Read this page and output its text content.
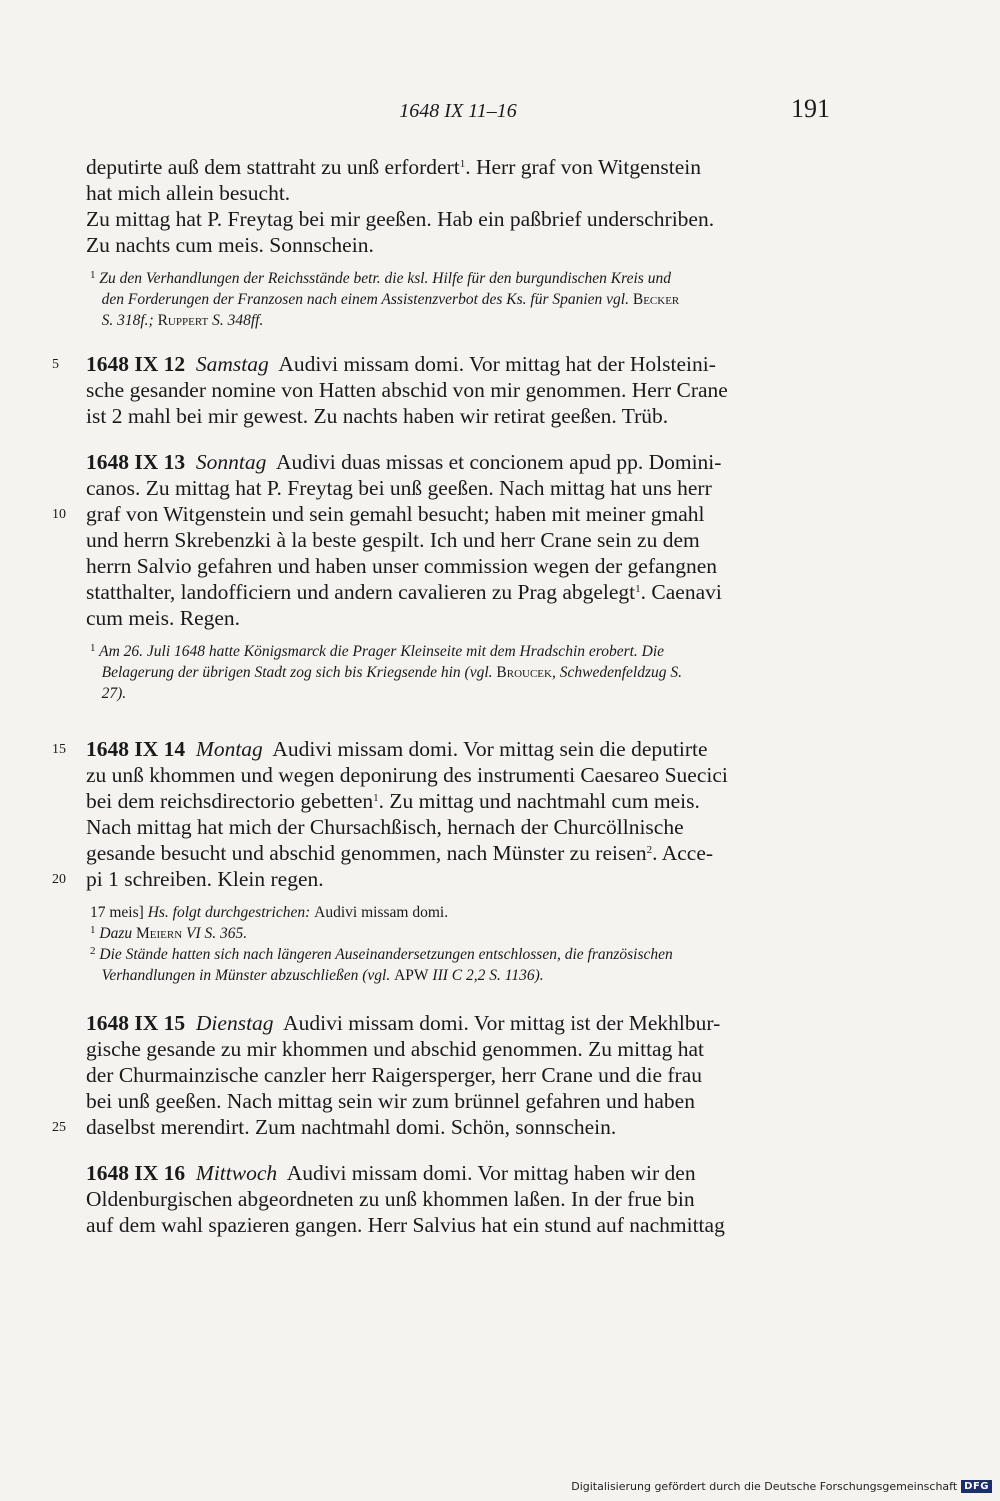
1648 IX 11–16	191
deputirte auß dem stattraht zu unß erfordert$^1$. Herr graf von Witgenstein
hat mich allein besucht.
Zu mittag hat P. Freytag bei mir geeßen. Hab ein paßbrief underschriben.
Zu nachts cum meis. Sonnschein.
$^1$ Zu den Verhandlungen der Reichsstände betr. die ksl. Hilfe für den burgundischen Kreis und
den Forderungen der Franzosen nach einem Assistenzverbot des Ks. für Spanien vgl. Becker
S. 318f.; Ruppert S. 348ff.
5 1648 IX 12 Samstag Audivi missam domi. Vor mittag hat der Holsteini-
sche gesander nomine von Hatten abschid von mir genommen. Herr Crane
ist 2 mahl bei mir gewest. Zu nachts haben wir retirat geeßen. Trüb.
1648 IX 13 Sonntag Audivi duas missas et concionem apud pp. Domini-
canos. Zu mittag hat P. Freytag bei unß geeßen. Nach mittag hat uns herr
10 graf von Witgenstein und sein gemahl besucht; haben mit meiner gmahl
und herrn Skrebenzki à la beste gespilt. Ich und herr Crane sein zu dem
herrn Salvio gefahren und haben unser commission wegen der gefangnen
statthalter, landofficiern und andern cavalieren zu Prag abgelegt$^1$. Caenavi
cum meis. Regen.
$^1$ Am 26. Juli 1648 hatte Königsmarck die Prager Kleinseite mit dem Hradschin erobert. Die
Belagerung der übrigen Stadt zog sich bis Kriegsende hin (vgl. Broucek, Schwedenfeldzug S.
27).
15 1648 IX 14 Montag Audivi missam domi. Vor mittag sein die deputirte
zu unß khommen und wegen deponirung des instrumenti Caesareo Suecici
bei dem reichsdirectorio gebetten$^1$. Zu mittag und nachtmahl cum meis.
Nach mittag hat mich der Chursachßisch, hernach der Churcöllnische
gesande besucht und abschid genommen, nach Münster zu reisen$^2$. Acce-
20 pi 1 schreiben. Klein regen.
17 meis] Hs. folgt durchgestrichen: Audivi missam domi.
$^1$ Dazu Meiern VI S. 365.
$^2$ Die Stände hatten sich nach längeren Auseinandersetzungen entschlossen, die französischen
Verhandlungen in Münster abzuschließen (vgl. APW III C 2,2 S. 1136).
1648 IX 15 Dienstag Audivi missam domi. Vor mittag ist der Mekhlbur-
gische gesande zu mir khommen und abschid genommen. Zu mittag hat
der Churmainzische canzler herr Raigersperger, herr Crane und die frau
bei unß geeßen. Nach mittag sein wir zum brünnel gefahren und haben
25 daselbst merendirt. Zum nachtmahl domi. Schön, sonnschein.
1648 IX 16 Mittwoch Audivi missam domi. Vor mittag haben wir den
Oldenburgischen abgeordneten zu unß khommen laßen. In der frue bin
auf dem wahl spazieren gangen. Herr Salvius hat ein stund auf nachmittag
Digitalisierung gefördert durch die Deutsche Forschungsgemeinschaft DFG
